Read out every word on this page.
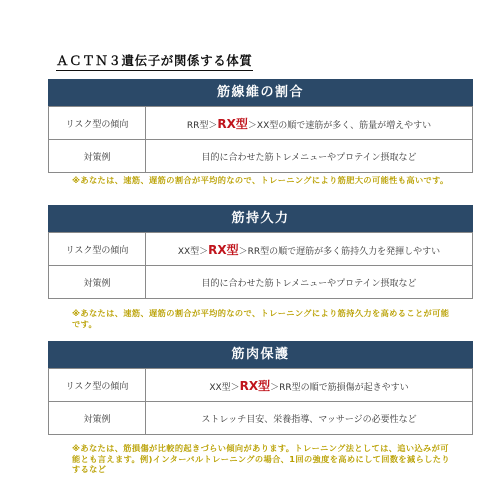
ＡＣＴＮ３遺伝子が関係する体質
筋線維の割合
リスク型の傾向	RR型＞RX型＞XX型の順で速筋が多く、筋量が増えやすい
対策例	目的に合わせた筋トレメニューやプロテイン摂取など
※あなたは、速筋、遅筋の割合が平均的なので、トレーニングにより筋肥大の可能性も高いです。
筋持久力
リスク型の傾向	XX型＞RX型＞RR型の順で遅筋が多く筋持久力を発揮しやすい
対策例	目的に合わせた筋トレメニューやプロテイン摂取など
※あなたは、速筋、遅筋の割合が平均的なので、トレーニングにより筋持久力を高めることが可能です。
筋肉保護
リスク型の傾向	XX型＞RX型＞RR型の順で筋損傷が起きやすい
対策例	ストレッチ目安、栄養指導、マッサージの必要性など
※あなたは、筋損傷が比較的起きづらい傾向があります。トレーニング法としては、追い込みが可能とも言えます。例)インターバルトレーニングの場合、1回の強度を高めにして回数を減らしたりするなど
